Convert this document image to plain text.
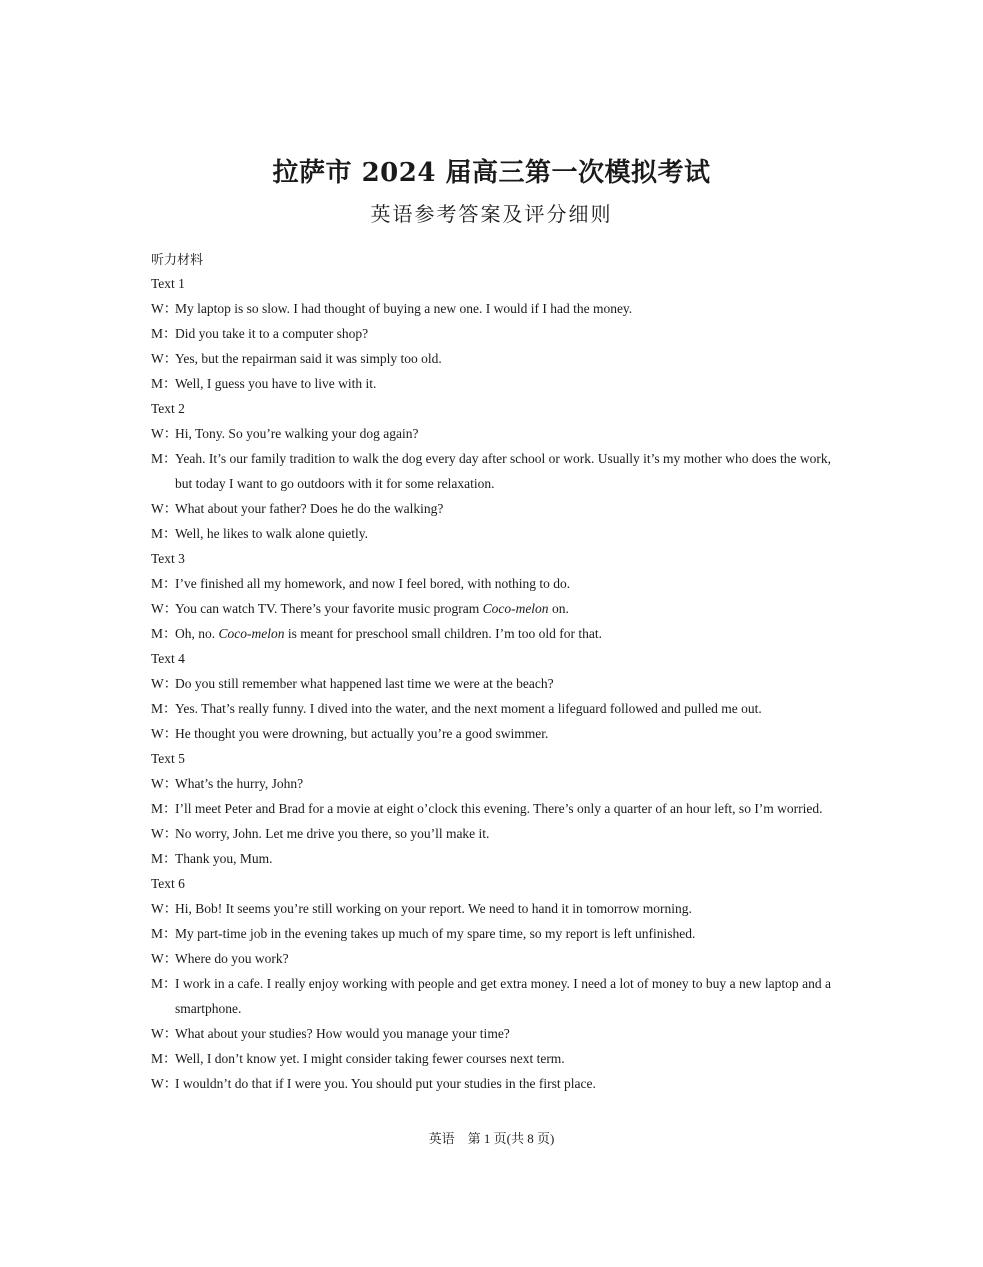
拉萨市 2024 届高三第一次模拟考试
英语参考答案及评分细则
听力材料
Text 1
W：
My laptop is so slow. I had thought of buying a new one. I would if I had the money.
M：
Did you take it to a computer shop?
W：
Yes, but the repairman said it was simply too old.
M：
Well, I guess you have to live with it.
Text 2
W：
Hi, Tony. So you’re walking your dog again?
M：
Yeah. It’s our family tradition to walk the dog every day after school or work. Usually it’s my mother who does the work, but today I want to go outdoors with it for some relaxation.
W：
What about your father? Does he do the walking?
M：
Well, he likes to walk alone quietly.
Text 3
M：
I’ve finished all my homework, and now I feel bored, with nothing to do.
W：
You can watch TV. There’s your favorite music program Coco-melon on.
M：
Oh, no. Coco-melon is meant for preschool small children. I’m too old for that.
Text 4
W：
Do you still remember what happened last time we were at the beach?
M：
Yes. That’s really funny. I dived into the water, and the next moment a lifeguard followed and pulled me out.
W：
He thought you were drowning, but actually you’re a good swimmer.
Text 5
W：
What’s the hurry, John?
M：
I’ll meet Peter and Brad for a movie at eight o’clock this evening. There’s only a quarter of an hour left, so I’m worried.
W：
No worry, John. Let me drive you there, so you’ll make it.
M：
Thank you, Mum.
Text 6
W：
Hi, Bob! It seems you’re still working on your report. We need to hand it in tomorrow morning.
M：
My part-time job in the evening takes up much of my spare time, so my report is left unfinished.
W：
Where do you work?
M：
I work in a cafe. I really enjoy working with people and get extra money. I need a lot of money to buy a new laptop and a smartphone.
W：
What about your studies? How would you manage your time?
M：
Well, I don’t know yet. I might consider taking fewer courses next term.
W：
I wouldn’t do that if I were you. You should put your studies in the first place.
英语　第 1 页(共 8 页)
